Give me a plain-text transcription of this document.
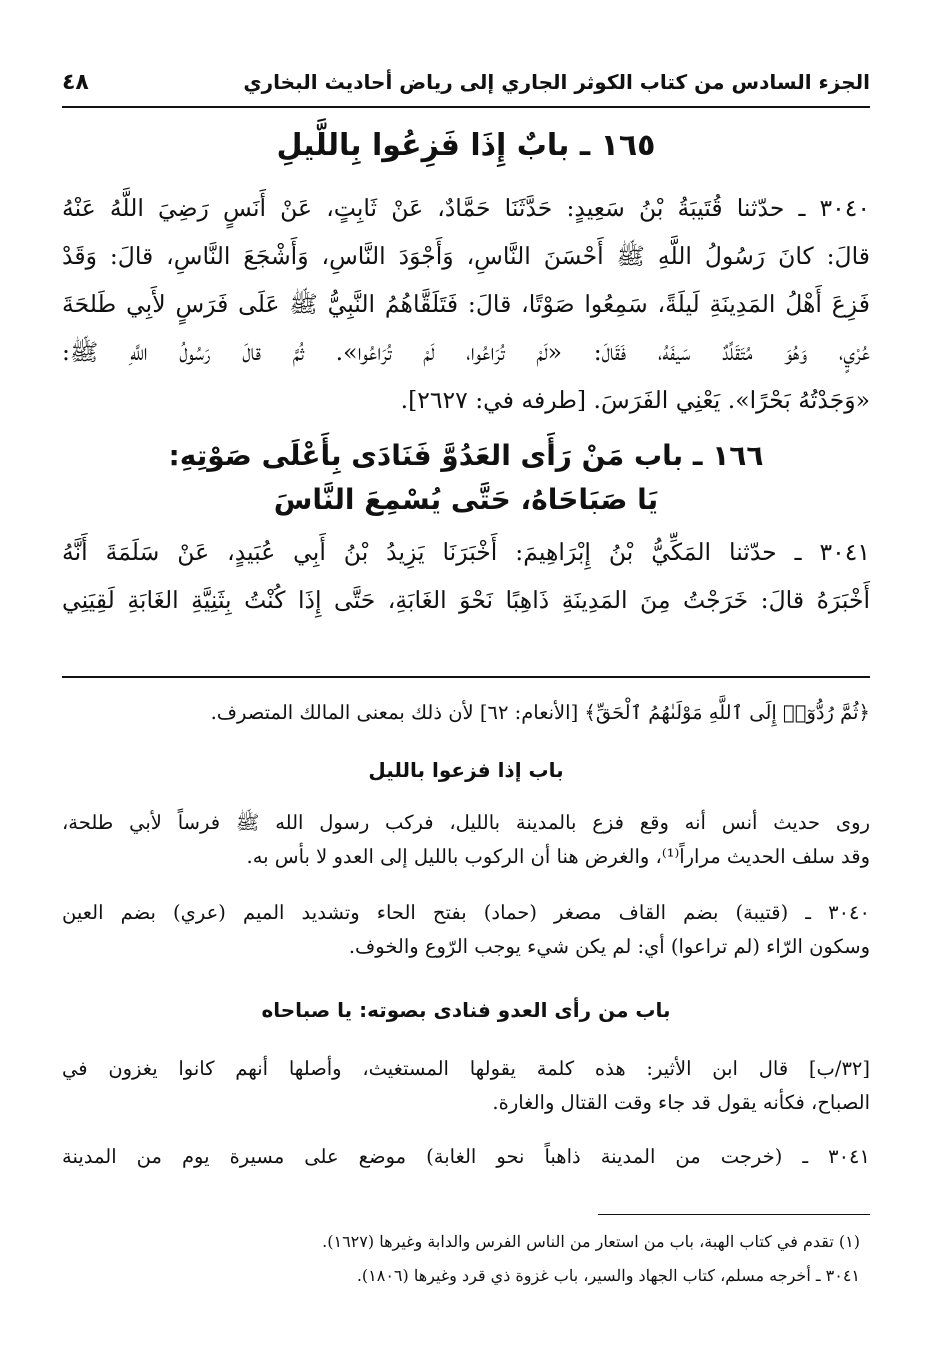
الجزء السادس من كتاب الكوثر الجاري إلى رياض أحاديث البخاري
٤٨
١٦٥ ـ بابٌ إِذَا فَزِعُوا بِاللَّيلِ
٣٠٤٠ ـ حدّثنا قُتَيبَةُ بْنُ سَعِيدٍ: حَدَّثَنَا حَمَّادٌ، عَنْ ثَابِتٍ، عَنْ أَنَسٍ رَضِيَ اللَّهُ عَنْهُ
قالَ: كانَ رَسُولُ اللَّهِ ﷺ أَحْسَنَ النَّاسِ، وَأَجْوَدَ النَّاسِ، وَأَشْجَعَ النَّاسِ، قالَ: وَقَدْ
فَزِعَ أَهْلُ المَدِينَةِ لَيلَةً، سَمِعُوا صَوْتًا، قالَ: فَتَلَقَّاهُمُ النَّبِيُّ ﷺ عَلَى فَرَسٍ لأَبِي طَلحَةَ
عُرْيٍ، وَهُوَ مُتَقَلِّدٌ سَيفَهُ، فَقَالَ: «لَمْ تُرَاعُوا، لَمْ تُرَاعُوا». ثُمَّ قالَ رَسُولُ اللَّهِ ﷺ:
«وَجَدْتُهُ بَحْرًا». يَعْنِي الفَرَسَ. [طرفه في: ٢٦٢٧].
١٦٦ ـ باب مَنْ رَأَى العَدُوَّ فَنَادَى بِأَعْلَى صَوْتِهِ:
يَا صَبَاحَاهُ، حَتَّى يُسْمِعَ النَّاسَ
٣٠٤١ ـ حدّثنا المَكِّيُّ بْنُ إِبْرَاهِيمَ: أَخْبَرَنَا يَزِيدُ بْنُ أَبِي عُبَيدٍ، عَنْ سَلَمَةَ أَنَّهُ
أَخْبَرَهُ قالَ: خَرَجْتُ مِنَ المَدِينَةِ ذَاهِبًا نَحْوَ الغَابَةِ، حَتَّى إِذَا كُنْتُ بِثَنِيَّةِ الغَابَةِ لَقِيَنِي
﴿ثُمَّ رُدُّوٓا۟ إِلَى ٱللَّهِ مَوْلَىٰهُمُ ٱلْحَقِّ﴾ [الأنعام: ٦٢] لأن ذلك بمعنى المالك المتصرف.
باب إذا فزعوا بالليل
روى حديث أنس أنه وقع فزع بالمدينة بالليل، فركب رسول الله ﷺ فرساً لأبي طلحة،
وقد سلف الحديث مراراً⁽¹⁾، والغرض هنا أن الركوب بالليل إلى العدو لا بأس به.
٣٠٤٠ ـ (قتيبة) بضم القاف مصغر (حماد) بفتح الحاء وتشديد الميم (عري) بضم العين
وسكون الرّاء (لم تراعوا) أي: لم يكن شيء يوجب الرّوع والخوف.
باب من رأى العدو فنادى بصوته: يا صباحاه
[٣٢/ب] قال ابن الأثير: هذه كلمة يقولها المستغيث، وأصلها أنهم كانوا يغزون في
الصباح، فكأنه يقول قد جاء وقت القتال والغارة.
٣٠٤١ ـ (خرجت من المدينة ذاهباً نحو الغابة) موضع على مسيرة يوم من المدينة
(١) تقدم في كتاب الهبة، باب من استعار من الناس الفرس والدابة وغيرها (١٦٢٧).
٣٠٤١ ـ أخرجه مسلم، كتاب الجهاد والسير، باب غزوة ذي قرد وغيرها (١٨٠٦).
